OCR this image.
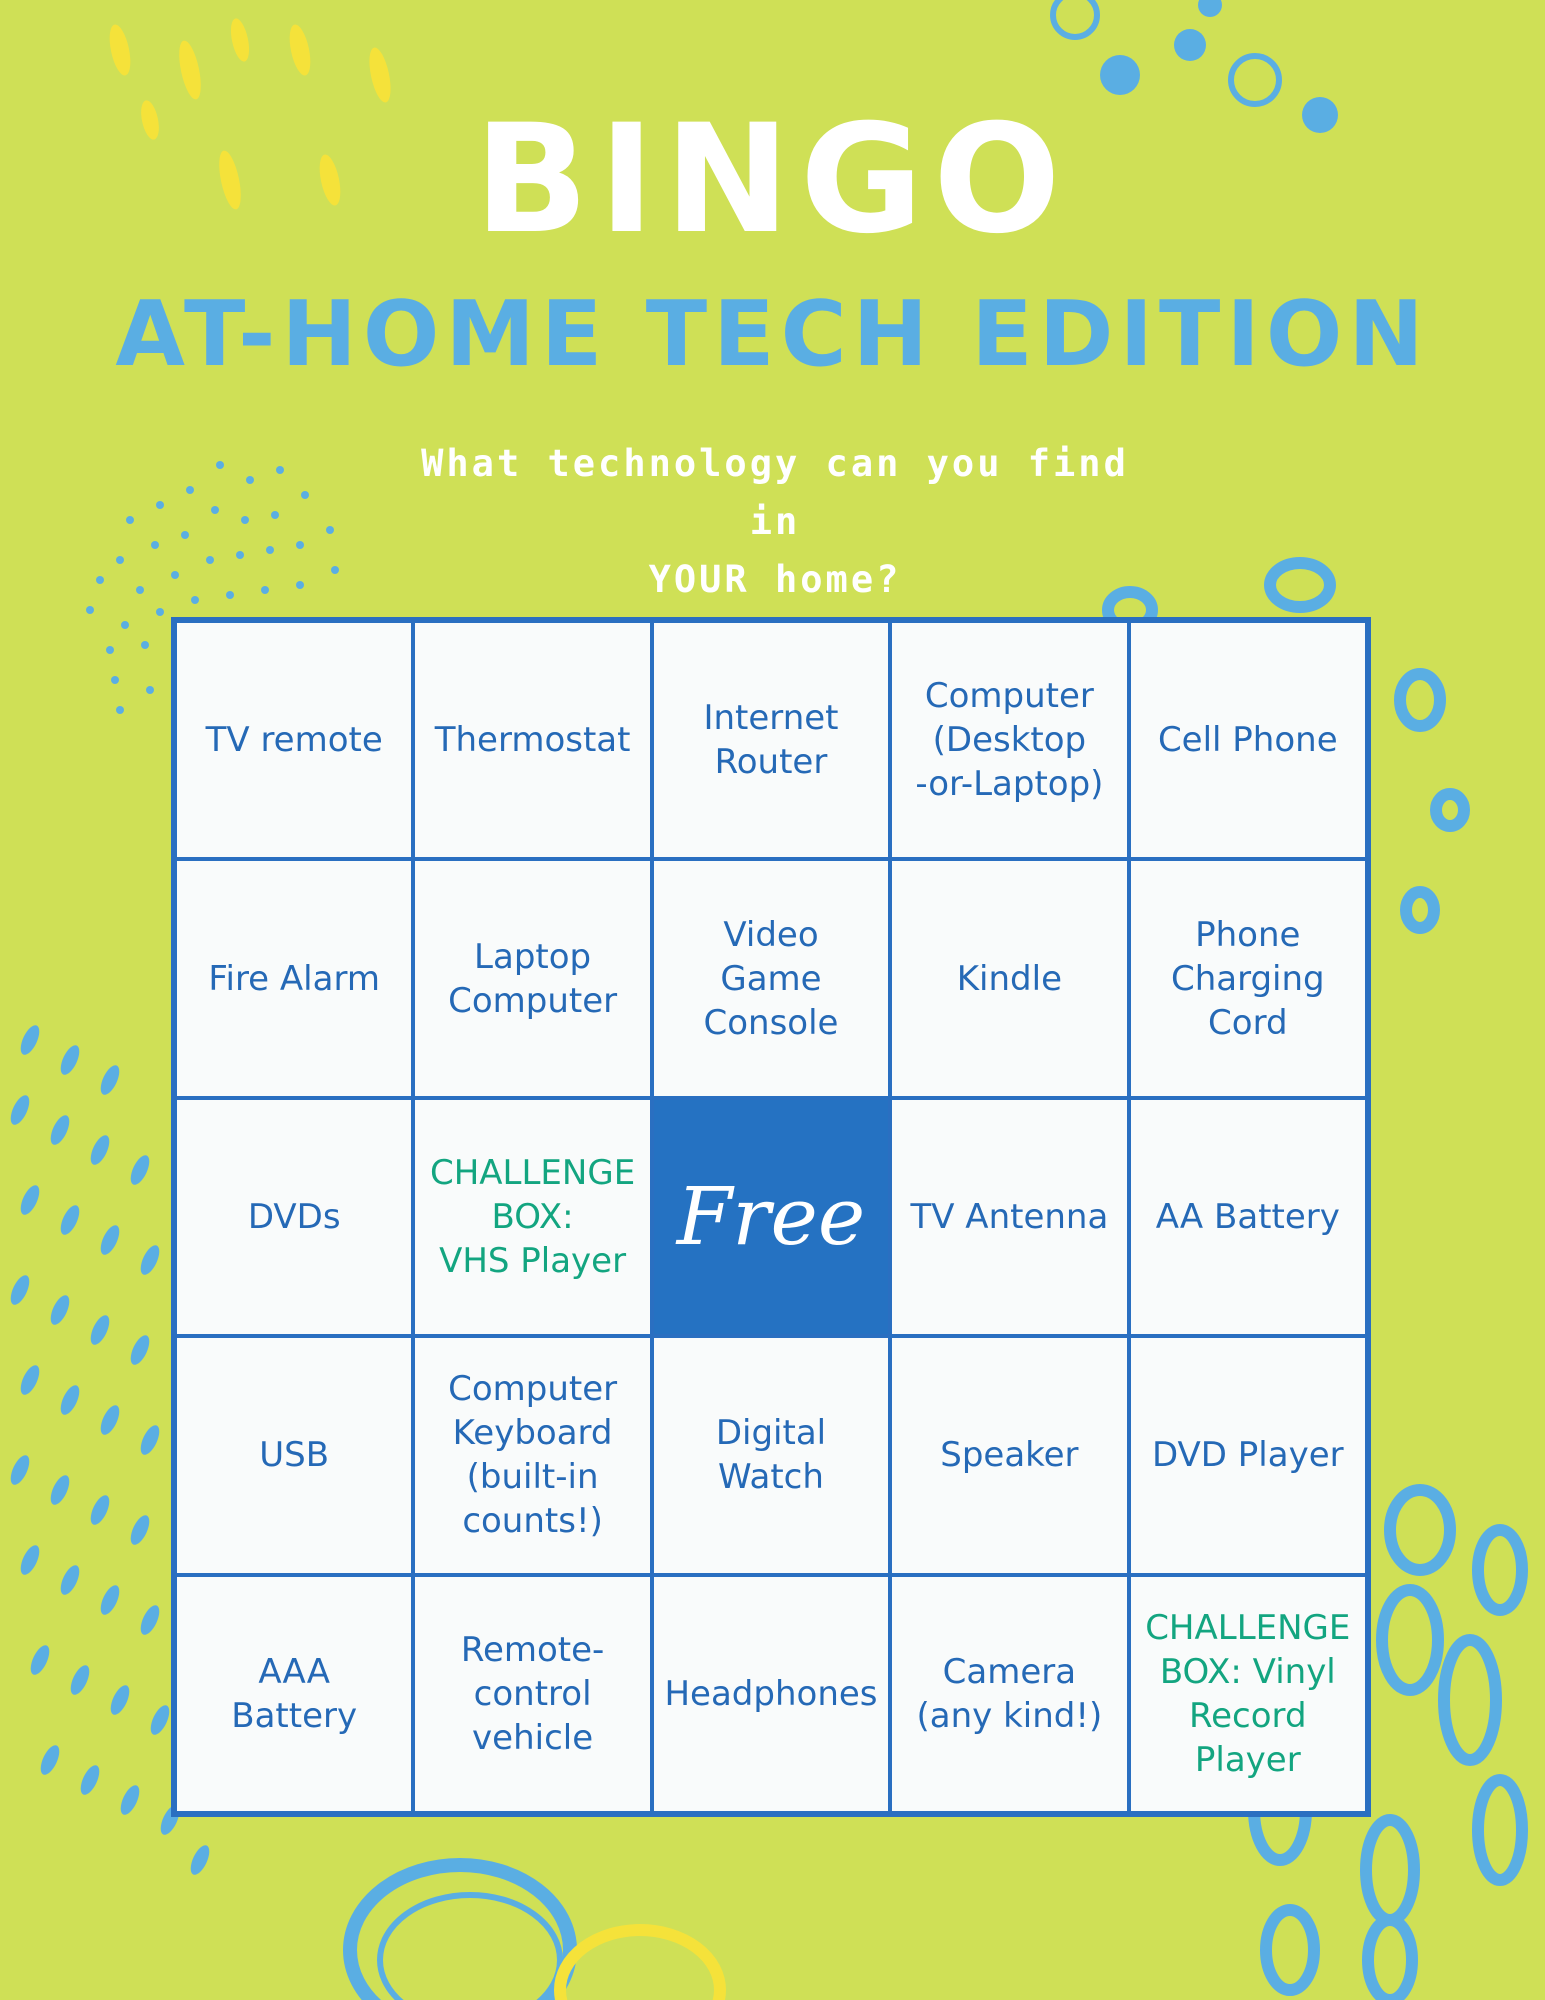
BINGO
AT-HOME TECH EDITION
What technology can you find in
YOUR home?
TV remote Thermostat
Internet
Router
Computer
(Desktop
-or-Laptop)
Cell Phone
Fire Alarm
Laptop
Computer
Video
Game
Console
Kindle
Phone
Charging
Cord
DVDs
CHALLENGE
BOX:
VHS Player Free TV Antenna AA Battery
USB
Computer
Keyboard
(built-in
counts!)
Digital
Watch
Speaker DVD Player
AAA
Battery
Remote-
control
vehicle
Headphones
Camera
(any kind!)
CHALLENGE
BOX: Vinyl
Record
Player
